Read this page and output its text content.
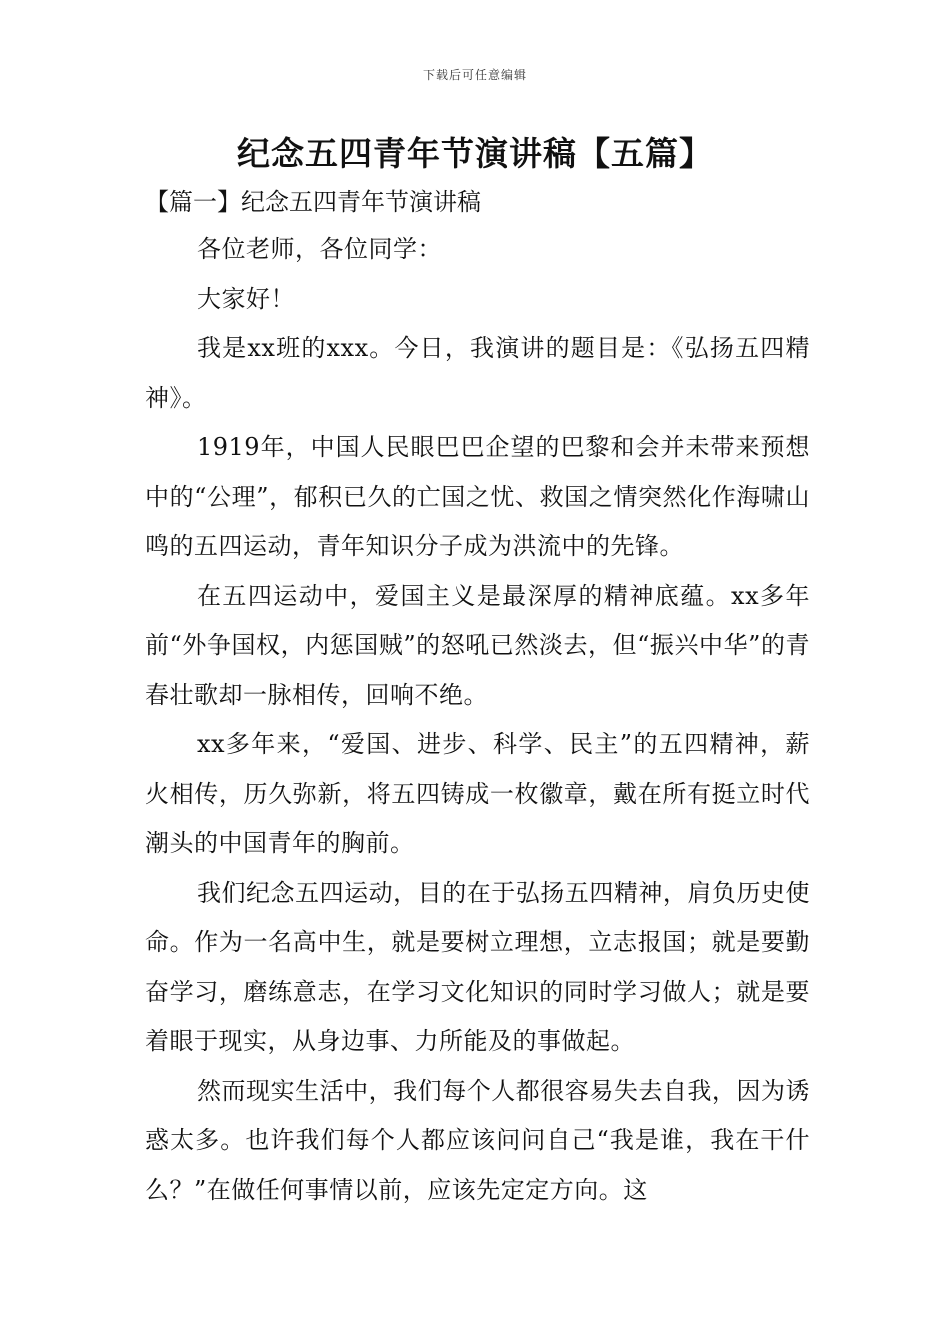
下载后可任意编辑
纪念五四青年节演讲稿【五篇】
【篇一】纪念五四青年节演讲稿

各位老师，各位同学：

大家好！

我是xx班的xxx。今日，我演讲的题目是：《弘扬五四精神》。

1919年，中国人民眼巴巴企望的巴黎和会并未带来预想中的“公理”，郁积已久的亡国之忧、救国之情突然化作海啸山鸣的五四运动，青年知识分子成为洪流中的先锋。

在五四运动中，爱国主义是最深厚的精神底蕴。xx多年前“外争国权，内惩国贼”的怒吼已然淡去，但“振兴中华”的青春壮歌却一脉相传，回响不绝。

xx多年来，“爱国、进步、科学、民主”的五四精神，薪火相传，历久弥新，将五四铸成一枚徽章，戴在所有挺立时代潮头的中国青年的胸前。

我们纪念五四运动，目的在于弘扬五四精神，肩负历史使命。作为一名高中生，就是要树立理想，立志报国；就是要勤奋学习，磨练意志，在学习文化知识的同时学习做人；就是要着眼于现实，从身边事、力所能及的事做起。

然而现实生活中，我们每个人都很容易失去自我，因为诱惑太多。也许我们每个人都应该问问自己“我是谁，我在干什么？”在做任何事情以前，应该先定定方向。这
